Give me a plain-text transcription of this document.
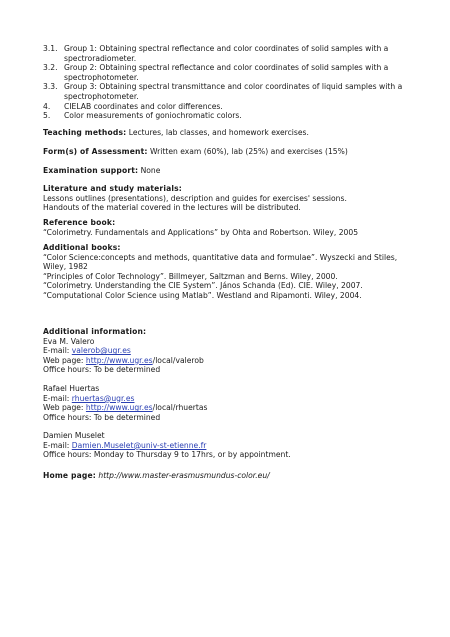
3.1. Group 1: Obtaining spectral reflectance and color coordinates of solid samples with a spectroradiometer.
3.2. Group 2: Obtaining spectral reflectance and color coordinates of solid samples with a spectrophotometer.
3.3. Group 3: Obtaining spectral transmittance and color coordinates of liquid samples with a spectrophotometer.
4. CIELAB coordinates and color differences.
5. Color measurements of goniochromatic colors.

Teaching methods: Lectures, lab classes, and homework exercises.

Form(s) of Assessment: Written exam (60%), lab (25%) and exercises (15%)

Examination support: None

Literature and study materials:

Lessons outlines (presentations), description and guides for exercises' sessions.

Handouts of the material covered in the lectures will be distributed.

Reference book:

“Colorimetry. Fundamentals and Applications” by Ohta and Robertson. Wiley, 2005

Additional books:

“Color Science:concepts and methods, quantitative data and formulae”. Wyszecki and Stiles, Wiley, 1982

“Principles of Color Technology”. Billmeyer, Saltzman and Berns. Wiley, 2000.

“Colorimetry. Understanding the CIE System”. János Schanda (Ed). CIE. Wiley, 2007.

“Computational Color Science using Matlab”. Westland and Ripamonti. Wiley, 2004.

Additional information:

Eva M. Valero

E-mail: valerob@ugr.es

Web page: http://www.ugr.es/local/valerob

Office hours: To be determined

Rafael Huertas

E-mail: rhuertas@ugr.es

Web page: http://www.ugr.es/local/rhuertas

Office hours: To be determined

Damien Muselet

E-mail: Damien.Muselet@univ-st-etienne.fr

Office hours: Monday to Thursday 9 to 17hrs, or by appointment.

Home page: http://www.master-erasmusmundus-color.eu/
